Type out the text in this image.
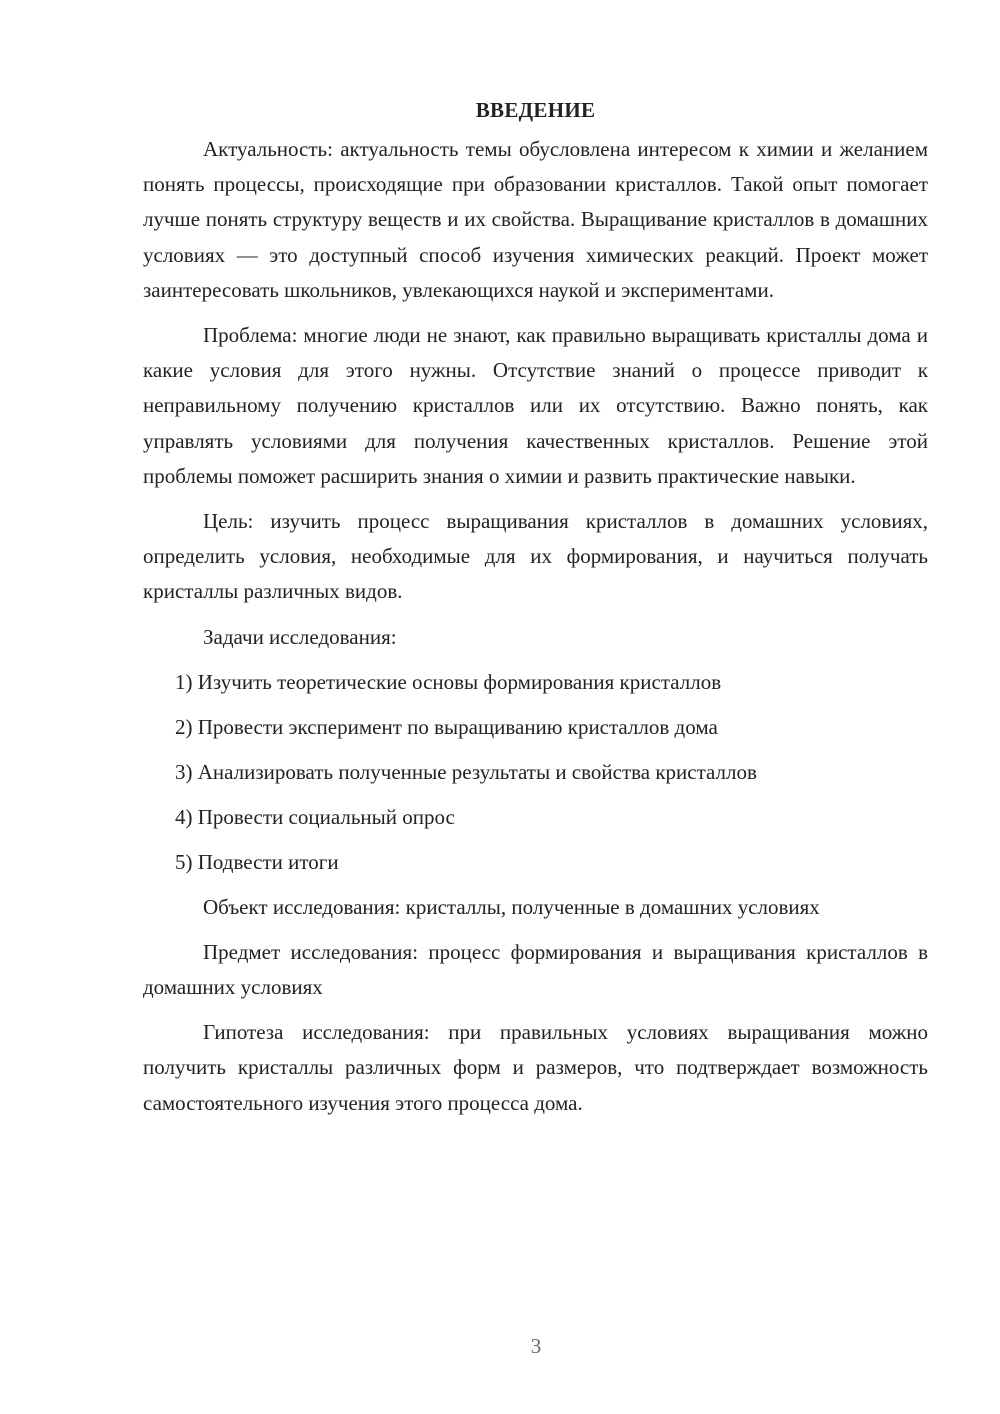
ВВЕДЕНИЕ

Актуальность: актуальность темы обусловлена интересом к химии и желанием понять процессы, происходящие при образовании кристаллов. Такой опыт помогает лучше понять структуру веществ и их свойства. Выращивание кристаллов в домашних условиях — это доступный способ изучения химических реакций. Проект может заинтересовать школьников, увлекающихся наукой и экспериментами.

Проблема: многие люди не знают, как правильно выращивать кристаллы дома и какие условия для этого нужны. Отсутствие знаний о процессе приводит к неправильному получению кристаллов или их отсутствию. Важно понять, как управлять условиями для получения качественных кристаллов. Решение этой проблемы поможет расширить знания о химии и развить практические навыки.

Цель: изучить процесс выращивания кристаллов в домашних условиях, определить условия, необходимые для их формирования, и научиться получать кристаллы различных видов.

Задачи исследования:

1) Изучить теоретические основы формирования кристаллов
2) Провести эксперимент по выращиванию кристаллов дома
3) Анализировать полученные результаты и свойства кристаллов
4) Провести социальный опрос
5) Подвести итоги

Объект исследования: кристаллы, полученные в домашних условиях

Предмет исследования: процесс формирования и выращивания кристаллов в домашних условиях

Гипотеза исследования: при правильных условиях выращивания можно получить кристаллы различных форм и размеров, что подтверждает возможность самостоятельного изучения этого процесса дома.

3
